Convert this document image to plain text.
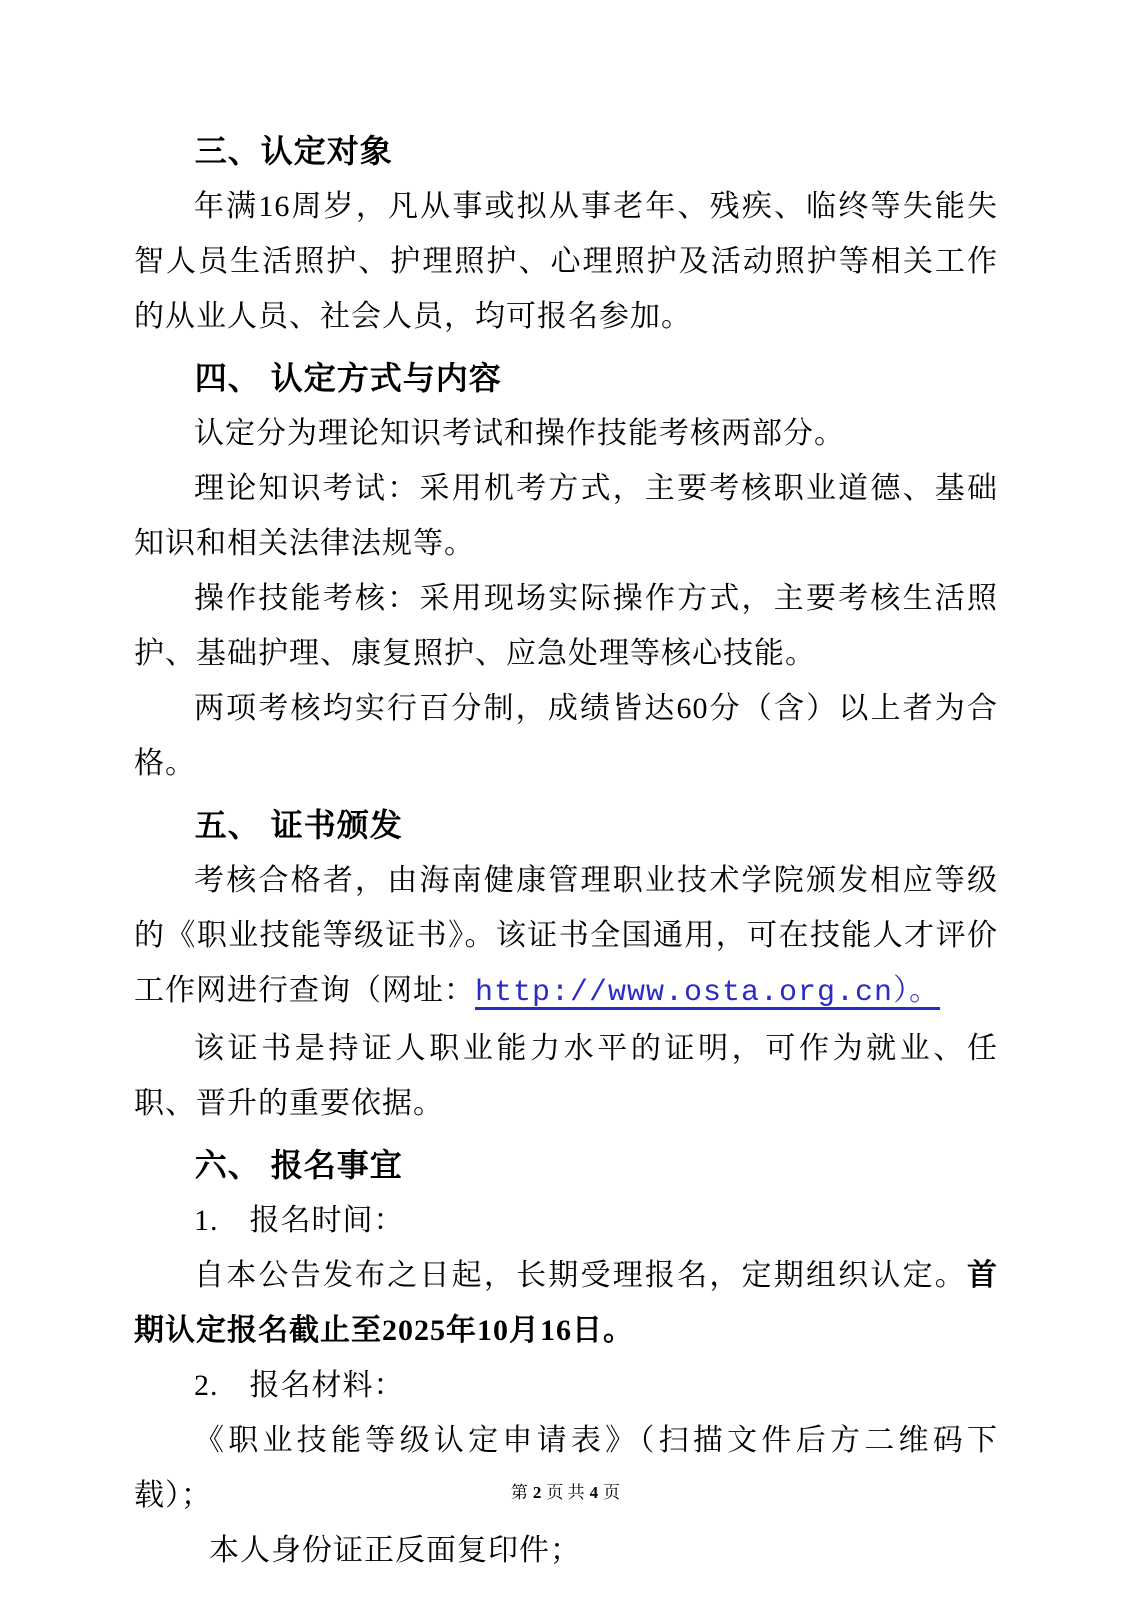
三、认定对象

年满16周岁，凡从事或拟从事老年、残疾、临终等失能失智人员生活照护、护理照护、心理照护及活动照护等相关工作的从业人员、社会人员，均可报名参加。

四、 认定方式与内容

认定分为理论知识考试和操作技能考核两部分。

理论知识考试：采用机考方式，主要考核职业道德、基础知识和相关法律法规等。

操作技能考核：采用现场实际操作方式，主要考核生活照护、基础护理、康复照护、应急处理等核心技能。

两项考核均实行百分制，成绩皆达60分（含）以上者为合格。

五、 证书颁发

考核合格者，由海南健康管理职业技术学院颁发相应等级的《职业技能等级证书》。该证书全国通用，可在技能人才评价工作网进行查询（网址：http://www.osta.org.cn）。

该证书是持证人职业能力水平的证明，可作为就业、任职、晋升的重要依据。

六、 报名事宜

1.　报名时间：

自本公告发布之日起，长期受理报名，定期组织认定。首期认定报名截止至2025年10月16日。

2.　报名材料：

《职业技能等级认定申请表》（扫描文件后方二维码下载）；

本人身份证正反面复印件；

第 2 页 共 4 页
